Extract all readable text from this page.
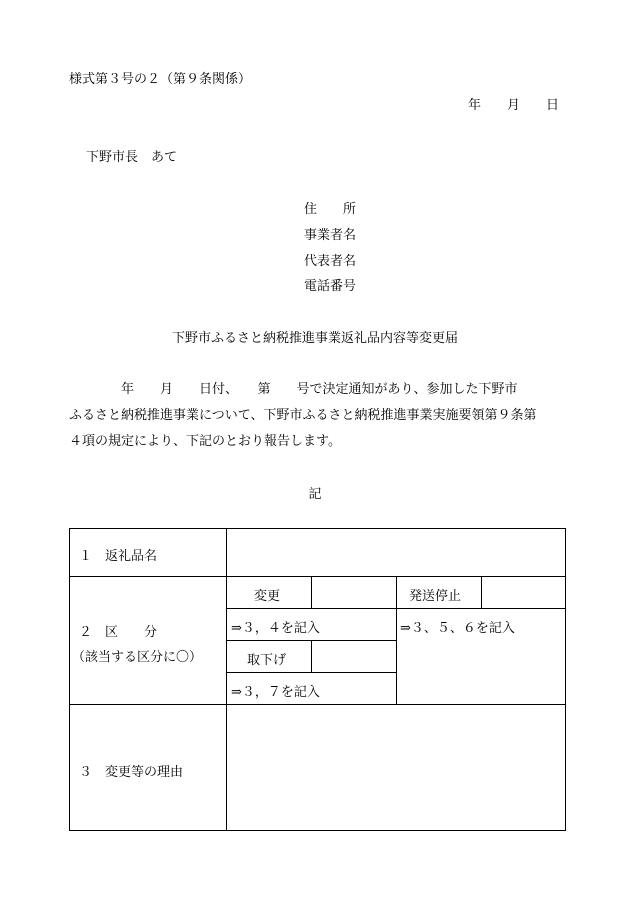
様式第３号の２（第９条関係）
年　　月　　日
下野市長　あて
住　　所
事業者名
代表者名
電話番号
下野市ふるさと納税推進事業返礼品内容等変更届
　　　　年　　月　　日付、　　第　　号で決定通知があり、参加した下野市
ふるさと納税推進事業について、下野市ふるさと納税推進事業実施要領第９条第
４項の規定により、下記のとおり報告します。
記
１　返礼品名
２　区　　分
（該当する区分に〇）
変更
⇒３，４を記入
発送停止
⇒３、５、６を記入
取下げ
⇒３，７を記入
３　変更等の理由
